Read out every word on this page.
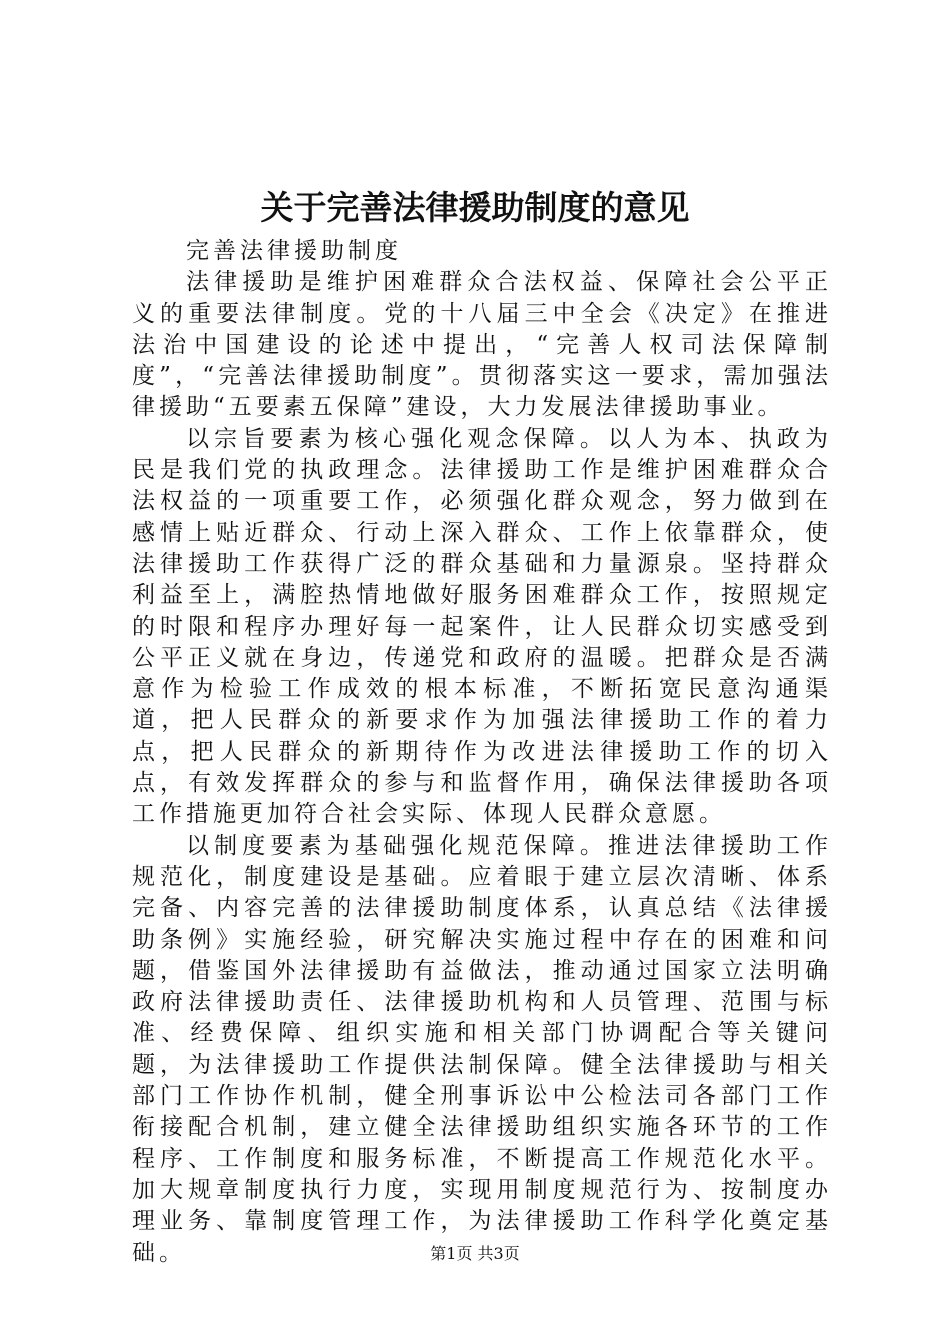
关于完善法律援助制度的意见

完善法律援助制度

法律援助是维护困难群众合法权益、保障社会公平正义的重要法律制度。党的十八届三中全会《决定》在推进法治中国建设的论述中提出，“完善人权司法保障制度”，“完善法律援助制度”。贯彻落实这一要求，需加强法律援助“五要素五保障”建设，大力发展法律援助事业。

以宗旨要素为核心强化观念保障。以人为本、执政为民是我们党的执政理念。法律援助工作是维护困难群众合法权益的一项重要工作，必须强化群众观念，努力做到在感情上贴近群众、行动上深入群众、工作上依靠群众，使法律援助工作获得广泛的群众基础和力量源泉。坚持群众利益至上，满腔热情地做好服务困难群众工作，按照规定的时限和程序办理好每一起案件，让人民群众切实感受到公平正义就在身边，传递党和政府的温暖。把群众是否满意作为检验工作成效的根本标准，不断拓宽民意沟通渠道，把人民群众的新要求作为加强法律援助工作的着力点，把人民群众的新期待作为改进法律援助工作的切入点，有效发挥群众的参与和监督作用，确保法律援助各项工作措施更加符合社会实际、体现人民群众意愿。

以制度要素为基础强化规范保障。推进法律援助工作规范化，制度建设是基础。应着眼于建立层次清晰、体系完备、内容完善的法律援助制度体系，认真总结《法律援助条例》实施经验，研究解决实施过程中存在的困难和问题，借鉴国外法律援助有益做法，推动通过国家立法明确政府法律援助责任、法律援助机构和人员管理、范围与标准、经费保障、组织实施和相关部门协调配合等关键问题，为法律援助工作提供法制保障。健全法律援助与相关部门工作协作机制，健全刑事诉讼中公检法司各部门工作衔接配合机制，建立健全法律援助组织实施各环节的工作程序、工作制度和服务标准，不断提高工作规范化水平。加大规章制度执行力度，实现用制度规范行为、按制度办理业务、靠制度管理工作，为法律援助工作科学化奠定基础。	第1页 共3页
